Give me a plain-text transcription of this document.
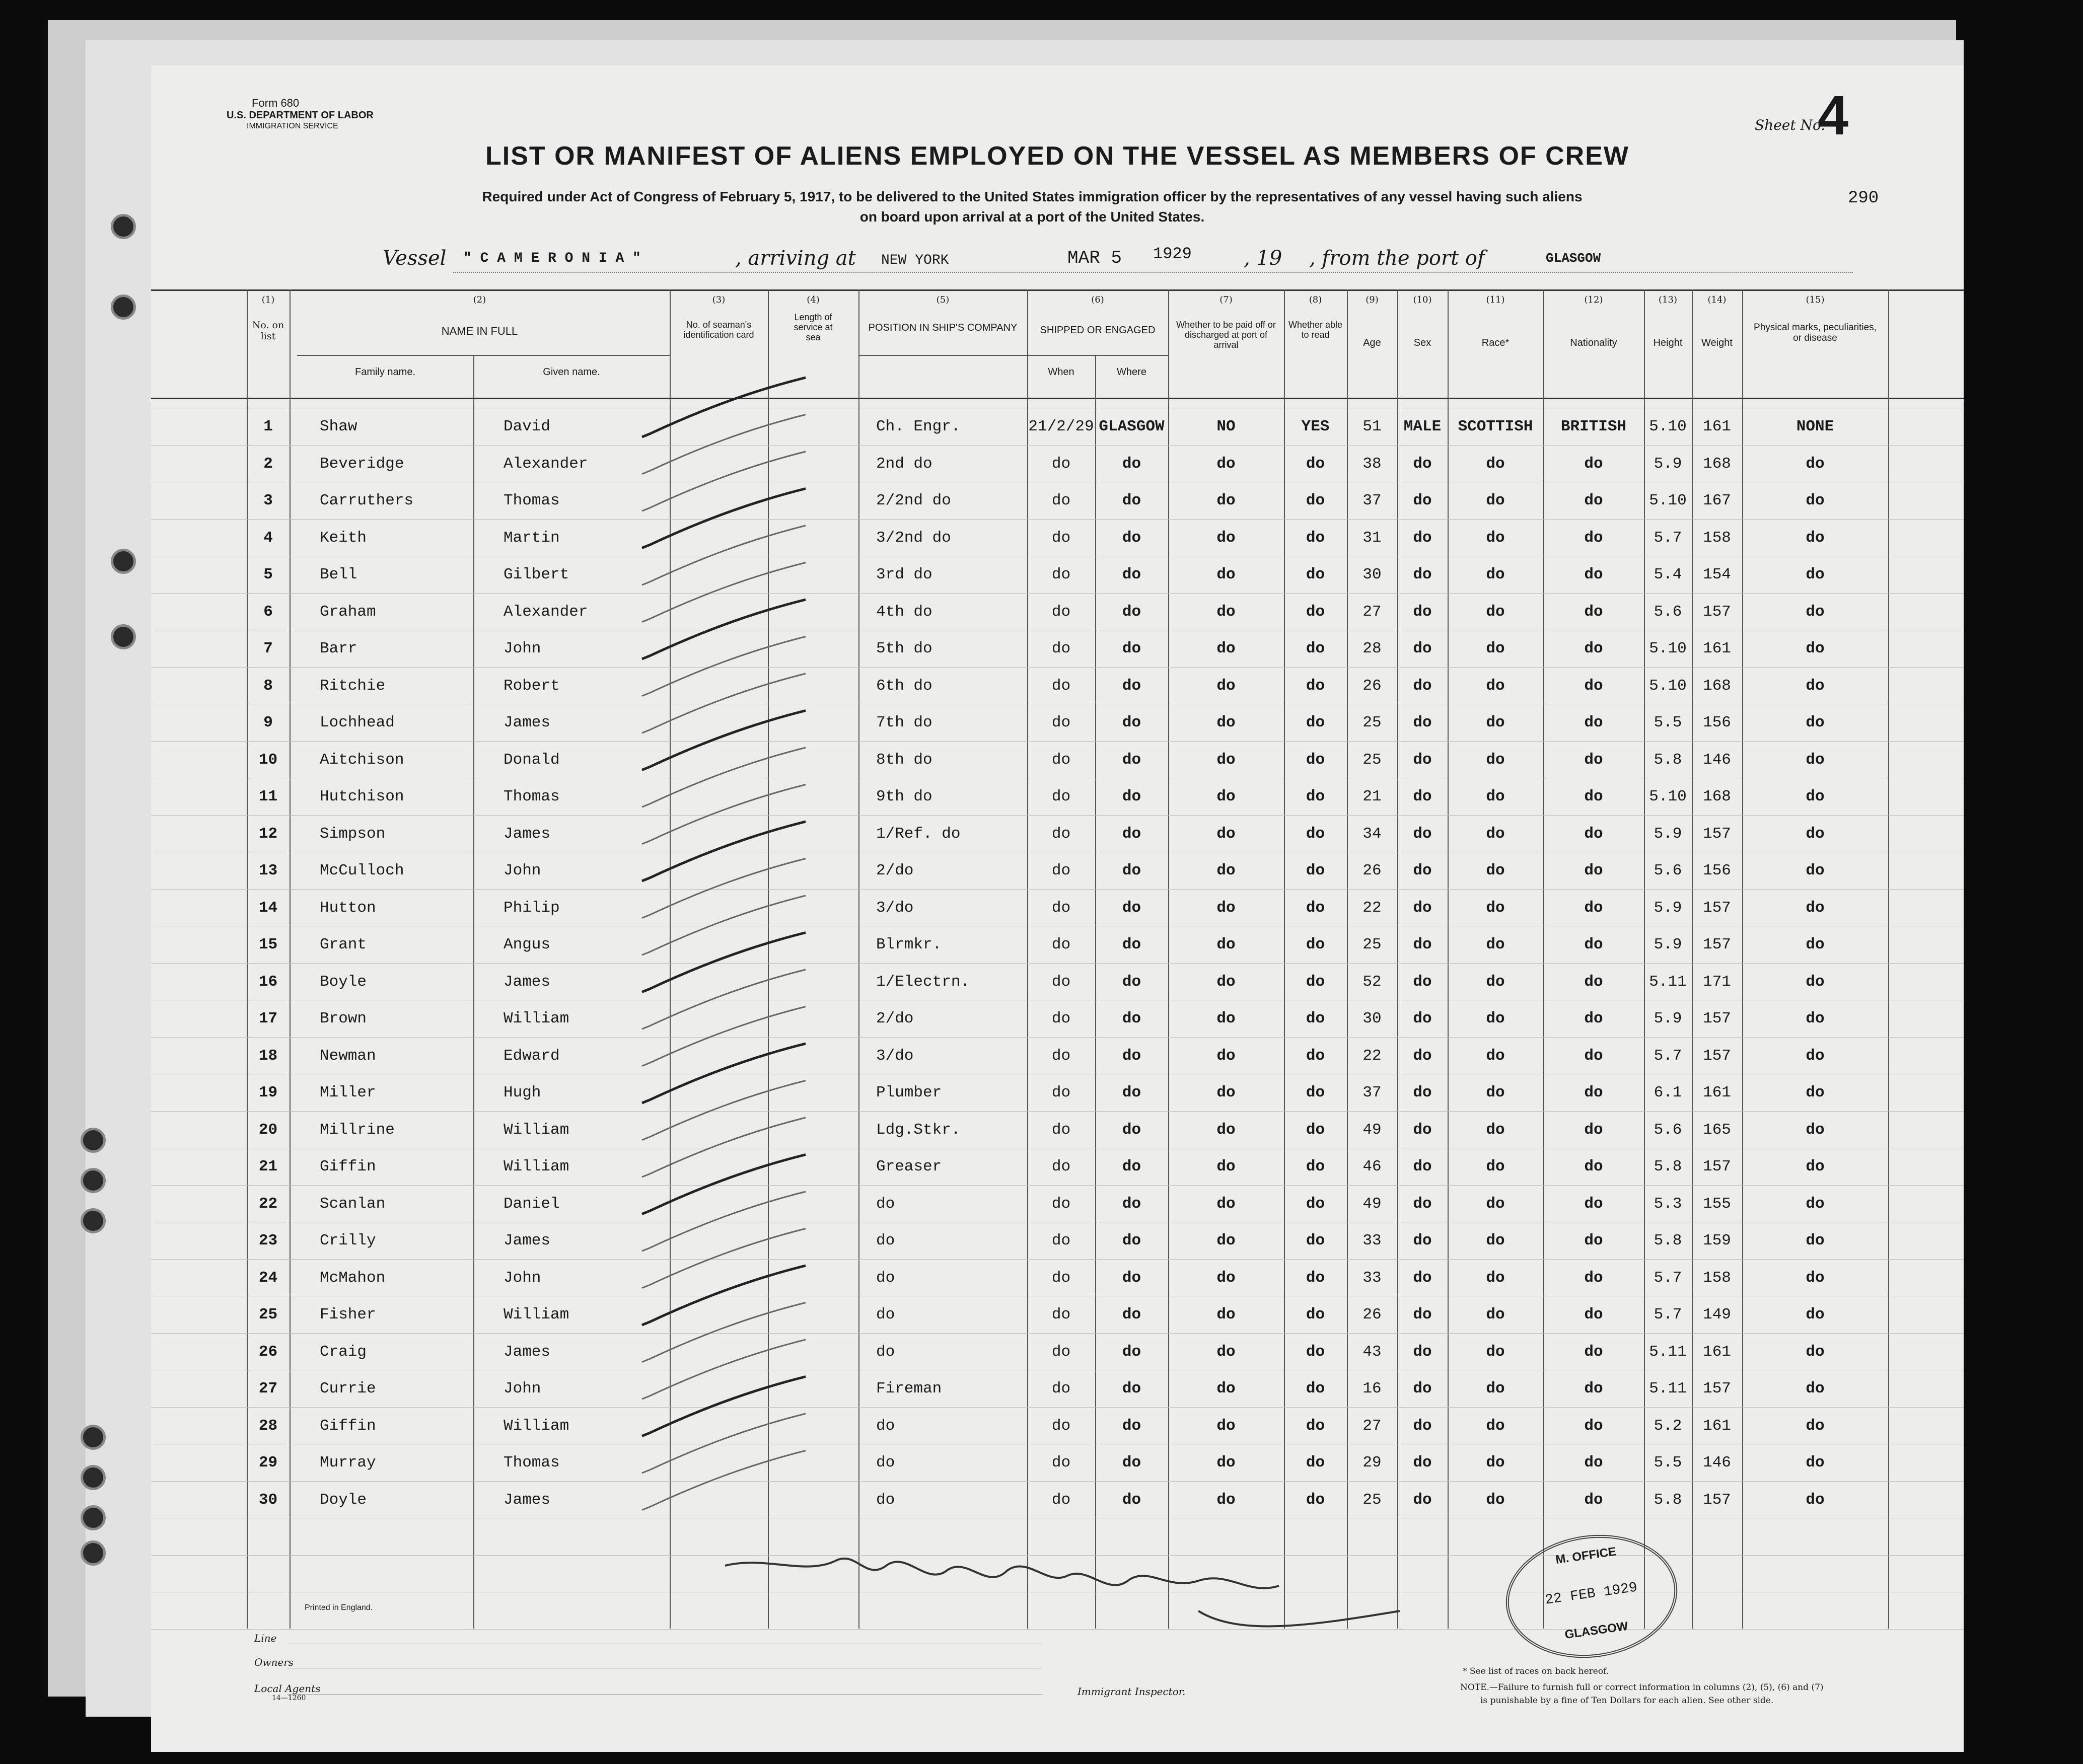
Form 680
U.S. DEPARTMENT OF LABOR
IMMIGRATION SERVICE	Sheet No.
4
LIST OR MANIFEST OF ALIENS EMPLOYED ON THE VESSEL AS MEMBERS OF CREW
Required under Act of Congress of February 5, 1917, to be delivered to the United States immigration officer by the representatives of any vessel having such aliens
on board upon arrival at a port of the United States.
290
Vessel " C A M E R O N I A "	, arriving at NEW YORK	MAR 5 1929	, 19 , from the port of	GLASGOW
(1)
No. on list
(2)
NAME IN FULL
Family name.	Given name.
(3)
No. of seaman's identification card
(4)
Length of service at sea
(5)
POSITION IN SHIP'S COMPANY
(6)
SHIPPED OR ENGAGED
When	Where
(7)
Whether to be paid off or discharged at port of arrival
(8)
Whether able to read
(9)
Age
(10)
Sex
(11)
Race*
(12)
Nationality
(13)
Height
(14)
Weight
(15)
Physical marks, peculiarities, or disease
1	Shaw	David	Ch. Engr.	21/2/29 GLASGOW	NO	YES	51	MALE	SCOTTISH	BRITISH	5.10	161	NONE
2	Beveridge	Alexander	2nd do	do	do	do	do	38	do	do	do	5.9	168	do
3	Carruthers	Thomas	2/2nd do	do	do	do	do	37	do	do	do	5.10	167	do
4	Keith	Martin	3/2nd do	do	do	do	do	31	do	do	do	5.7	158	do
5	Bell	Gilbert	3rd do	do	do	do	do	30	do	do	do	5.4	154	do
6	Graham	Alexander	4th do	do	do	do	do	27	do	do	do	5.6	157	do
7	Barr	John	5th do	do	do	do	do	28	do	do	do	5.10	161	do
8	Ritchie	Robert	6th do	do	do	do	do	26	do	do	do	5.10	168	do
9	Lochhead	James	7th do	do	do	do	do	25	do	do	do	5.5	156	do
10	Aitchison	Donald	8th do	do	do	do	do	25	do	do	do	5.8	146	do
11	Hutchison	Thomas	9th do	do	do	do	do	21	do	do	do	5.10	168	do
12	Simpson	James	1/Ref. do	do	do	do	do	34	do	do	do	5.9	157	do
13	McCulloch	John	2/do	do	do	do	do	26	do	do	do	5.6	156	do
14	Hutton	Philip	3/do	do	do	do	do	22	do	do	do	5.9	157	do
15	Grant	Angus	Blrmkr.	do	do	do	do	25	do	do	do	5.9	157	do
16	Boyle	James	1/Electrn.	do	do	do	do	52	do	do	do	5.11	171	do
17	Brown	William	2/do	do	do	do	do	30	do	do	do	5.9	157	do
18	Newman	Edward	3/do	do	do	do	do	22	do	do	do	5.7	157	do
19	Miller	Hugh	Plumber	do	do	do	do	37	do	do	do	6.1	161	do
20	Millrine	William	Ldg.Stkr.	do	do	do	do	49	do	do	do	5.6	165	do
21	Giffin	William	Greaser	do	do	do	do	46	do	do	do	5.8	157	do
22	Scanlan	Daniel	do	do	do	do	do	49	do	do	do	5.3	155	do
23	Crilly	James	do	do	do	do	do	33	do	do	do	5.8	159	do
24	McMahon	John	do	do	do	do	do	33	do	do	do	5.7	158	do
25	Fisher	William	do	do	do	do	do	26	do	do	do	5.7	149	do
26	Craig	James	do	do	do	do	do	43	do	do	do	5.11	161	do
27	Currie	John	Fireman	do	do	do	do	16	do	do	do	5.11	157	do
28	Giffin	William	do	do	do	do	do	27	do	do	do	5.2	161	do
29	Murray	Thomas	do	do	do	do	do	29	do	do	do	5.5	146	do
30	Doyle	James	do	do	do	do	do	25	do	do	do	5.8	157	do
M. OFFICE
22 FEB 1929
GLASGOW
Printed in England.
Line
Owners
Local Agents
14—1260
Immigrant Inspector.
* See list of races on back hereof.
NOTE.—Failure to furnish full or correct information in columns (2), (5), (6) and (7)
is punishable by a fine of Ten Dollars for each alien. See other side.
